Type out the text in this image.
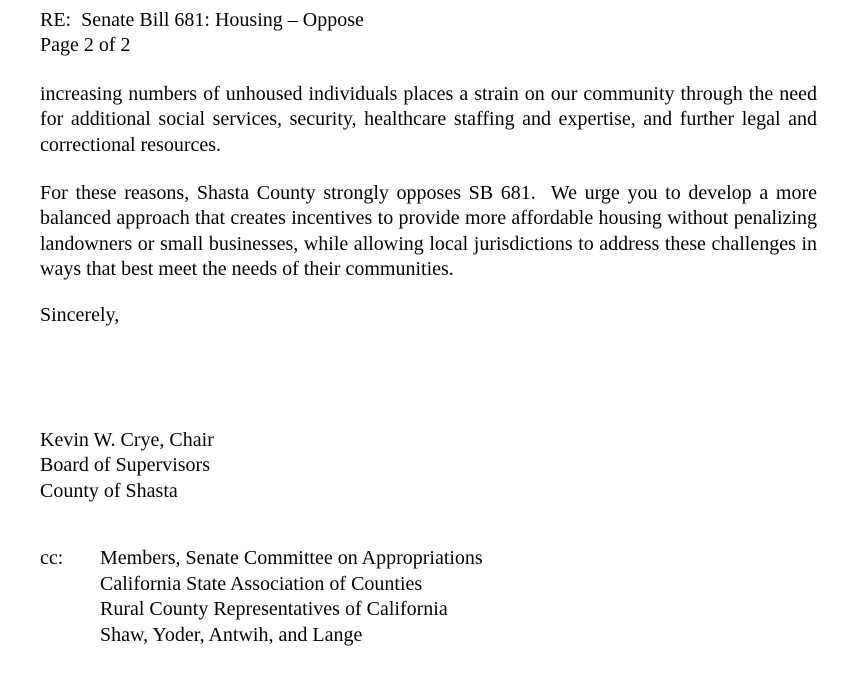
RE:  Senate Bill 681: Housing – Oppose
Page 2 of 2

increasing numbers of unhoused individuals places a strain on our community through the need for additional social services, security, healthcare staffing and expertise, and further legal and correctional resources.

For these reasons, Shasta County strongly opposes SB 681.  We urge you to develop a more balanced approach that creates incentives to provide more affordable housing without penalizing landowners or small businesses, while allowing local jurisdictions to address these challenges in ways that best meet the needs of their communities.

Sincerely,

Kevin W. Crye, Chair
Board of Supervisors
County of Shasta
cc:	Members, Senate Committee on Appropriations
California State Association of Counties
Rural County Representatives of California
Shaw, Yoder, Antwih, and Lange
